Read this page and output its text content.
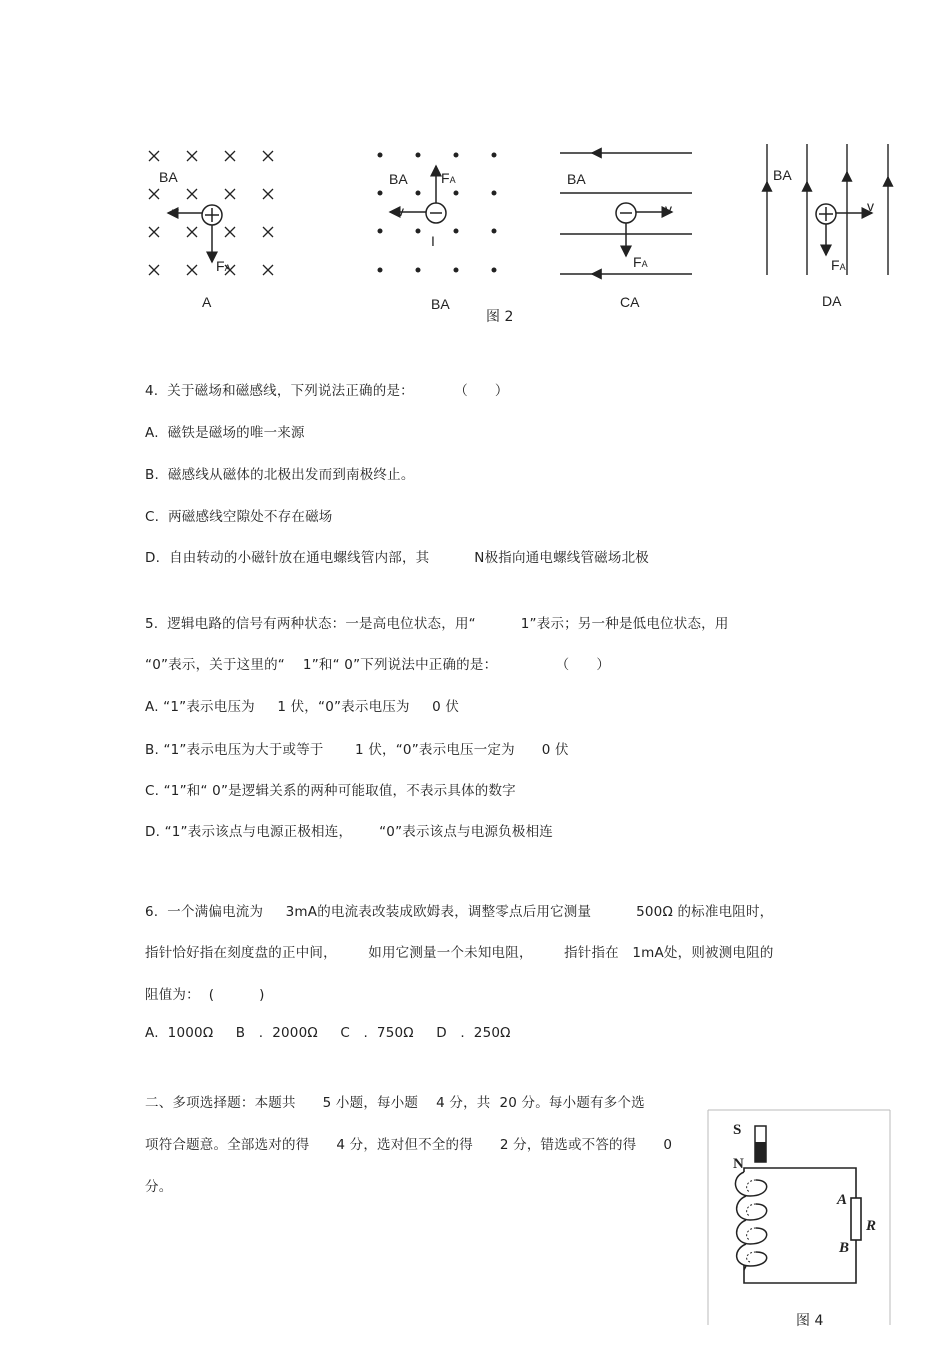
BA
v
FA
A
BA FA
v
I
BA
BA
v
FA
CA
BA
v
FA
DA
图 2
4.  关于磁场和磁感线，下列说法正确的是：         （      ）
A.  磁铁是磁场的唯一来源
B.  磁感线从磁体的北极出发而到南极终止。
C.  两磁感线空隙处不存在磁场
D.  自由转动的小磁针放在通电螺线管内部，其          N极指向通电螺线管磁场北极
5.  逻辑电路的信号有两种状态：一是高电位状态，用“          1”表示；另一种是低电位状态，用
“0”表示，关于这里的“    1”和“ 0”下列说法中正确的是：             （      ）
A. “1”表示电压为     1 伏，“0”表示电压为     0 伏
B. “1”表示电压为大于或等于       1 伏，“0”表示电压一定为      0 伏
C. “1”和“ 0”是逻辑关系的两种可能取值，不表示具体的数字
D. “1”表示该点与电源正极相连，      “0”表示该点与电源负极相连
6.  一个满偏电流为     3mA的电流表改装成欧姆表，调整零点后用它测量          500Ω 的标准电阻时，
指针恰好指在刻度盘的正中间，       如用它测量一个未知电阻，       指针指在   1mA处，则被测电阻的
阻值为：  (          )
A.  1000Ω     B   .  2000Ω     C   .  750Ω     D   .  250Ω
二、多项选择题：本题共      5 小题，每小题    4 分，共  20 分。每小题有多个选
项符合题意。全部选对的得      4 分，选对但不全的得      2 分，错选或不答的得      0
分。
S
N
A
R
B
图 4
